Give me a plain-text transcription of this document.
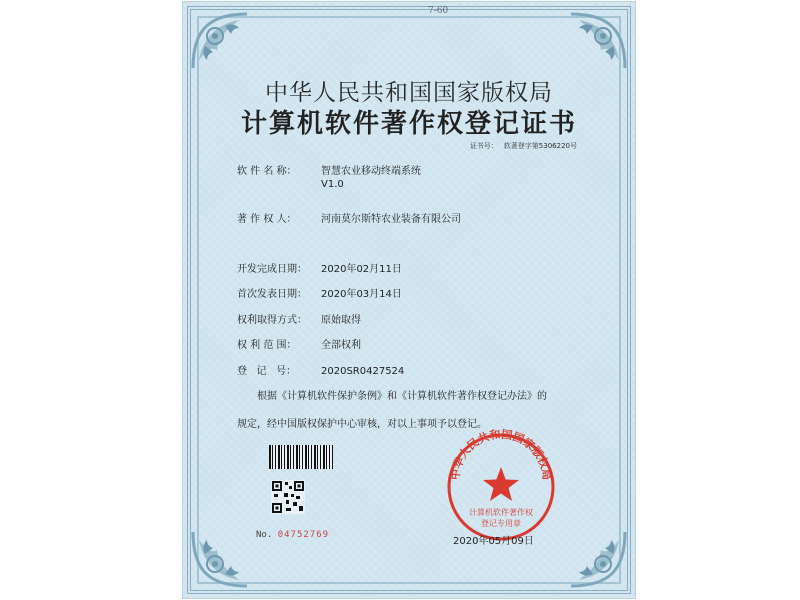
7-60
中华人民共和国国家版权局
计算机软件著作权登记证书
证书号： 软著登字第5306220号
软 件 名 称： 智慧农业移动终端系统
V1.0
著 作 权 人： 河南莫尔斯特农业装备有限公司
开发完成日期： 2020年02月11日
首次发表日期： 2020年03月14日
权利取得方式： 原始取得
权 利 范 围： 全部权利
登   记   号： 2020SR0427524
根据《计算机软件保护条例》和《计算机软件著作权登记办法》的
规定，经中国版权保护中心审核，对以上事项予以登记。
No. 04752769
中华人民共和国国家版权局
计算机软件著作权
登记专用章
2020年05月09日
